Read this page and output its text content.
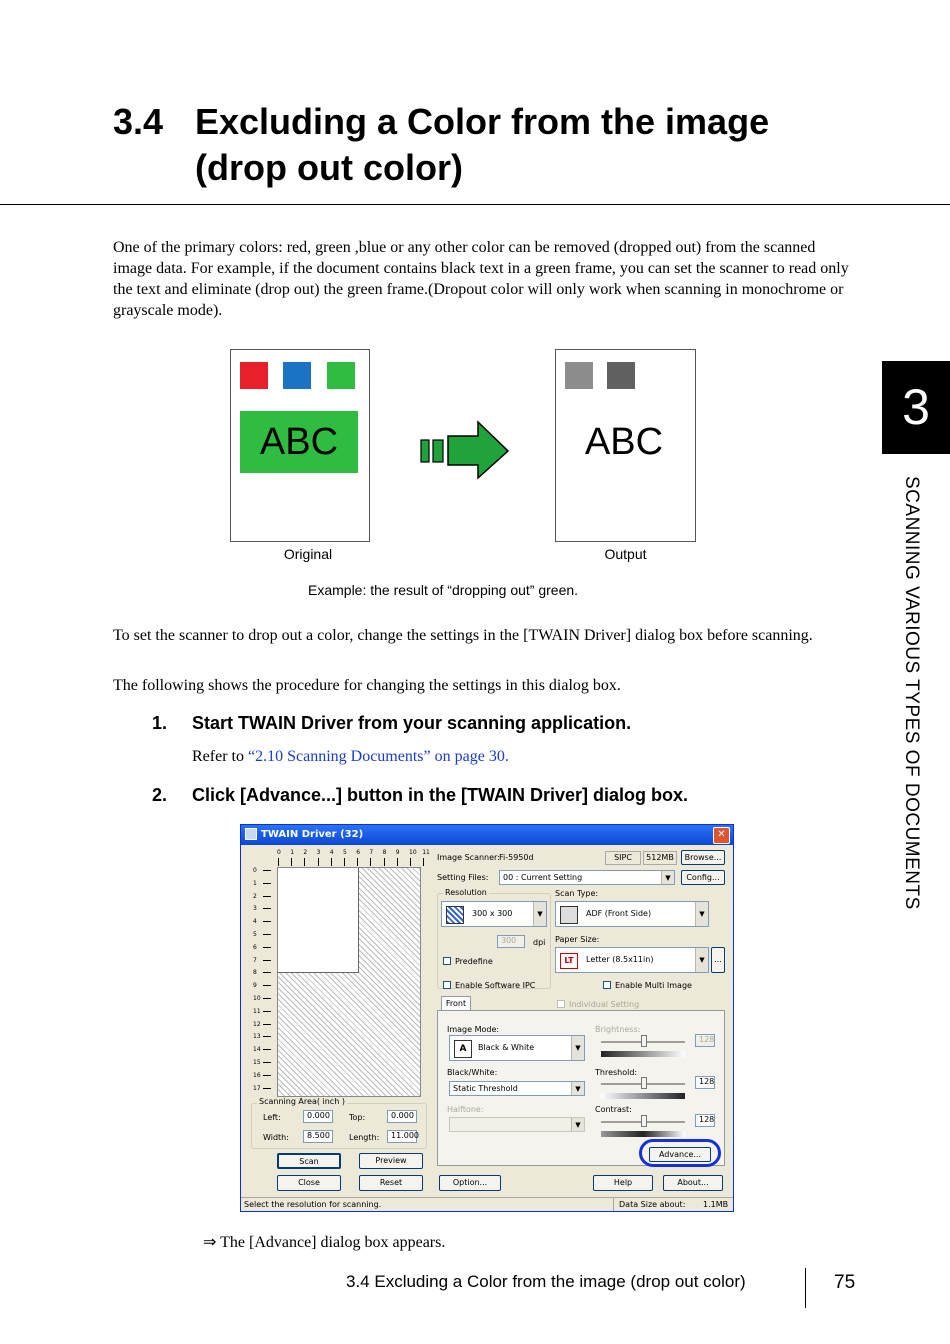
3.4 Excluding a Color from the image
(drop out color)
One of the primary colors: red, green ,blue or any other color can be removed (dropped out) from the scanned image data. For example, if the document contains black text in a green frame, you can set the scanner to read only the text and eliminate (drop out) the green frame.(Dropout color will only work when scanning in monochrome or grayscale mode).
ABC
Original
ABC
Output
Example: the result of “dropping out” green.
To set the scanner to drop out a color, change the settings in the [TWAIN Driver] dialog box before scanning.
The following shows the procedure for changing the settings in this dialog box.
1. Start TWAIN Driver from your scanning application.
Refer to “2.10 Scanning Documents” on page 30.
2. Click [Advance...] button in the [TWAIN Driver] dialog box.
TWAIN Driver (32)	✕
0 1 2 3 4 5 6 7 8 9 10 11
0
1
2
3
4
5
6
7
8
9
10
11
12
13
14
15
16
17
Scanning Area( inch )
Left:	0.000	Top:	0.000
Width:	8.500	Length:	11.000
Scan	Preview
Close	Reset
Image Scanner: Fi-5950d	SIPC	512MB	Browse...
Setting Files:	00 : Current Setting	▼	Config...
Resolution
300 x 300	▼
300	dpi
Predefine
Scan Type:
ADF (Front Side)	▼
Paper Size:
LT	Letter (8.5x11in)	▼	...
Enable Software IPC	Enable Multi Image
Front	Individual Setting
Image Mode:
A	Black & White	▼
Black/White:
Static Threshold	▼
Halftone:
▼
Brightness:
128
Threshold:
128
Contrast:
128
Advance...
Option...	Help	About...
Select the resolution for scanning.	Data Size about: 1.1MB
⇒ The [Advance] dialog box appears.
3
SCANNING VARIOUS TYPES OF DOCUMENTS
3.4 Excluding a Color from the image (drop out color)	75
